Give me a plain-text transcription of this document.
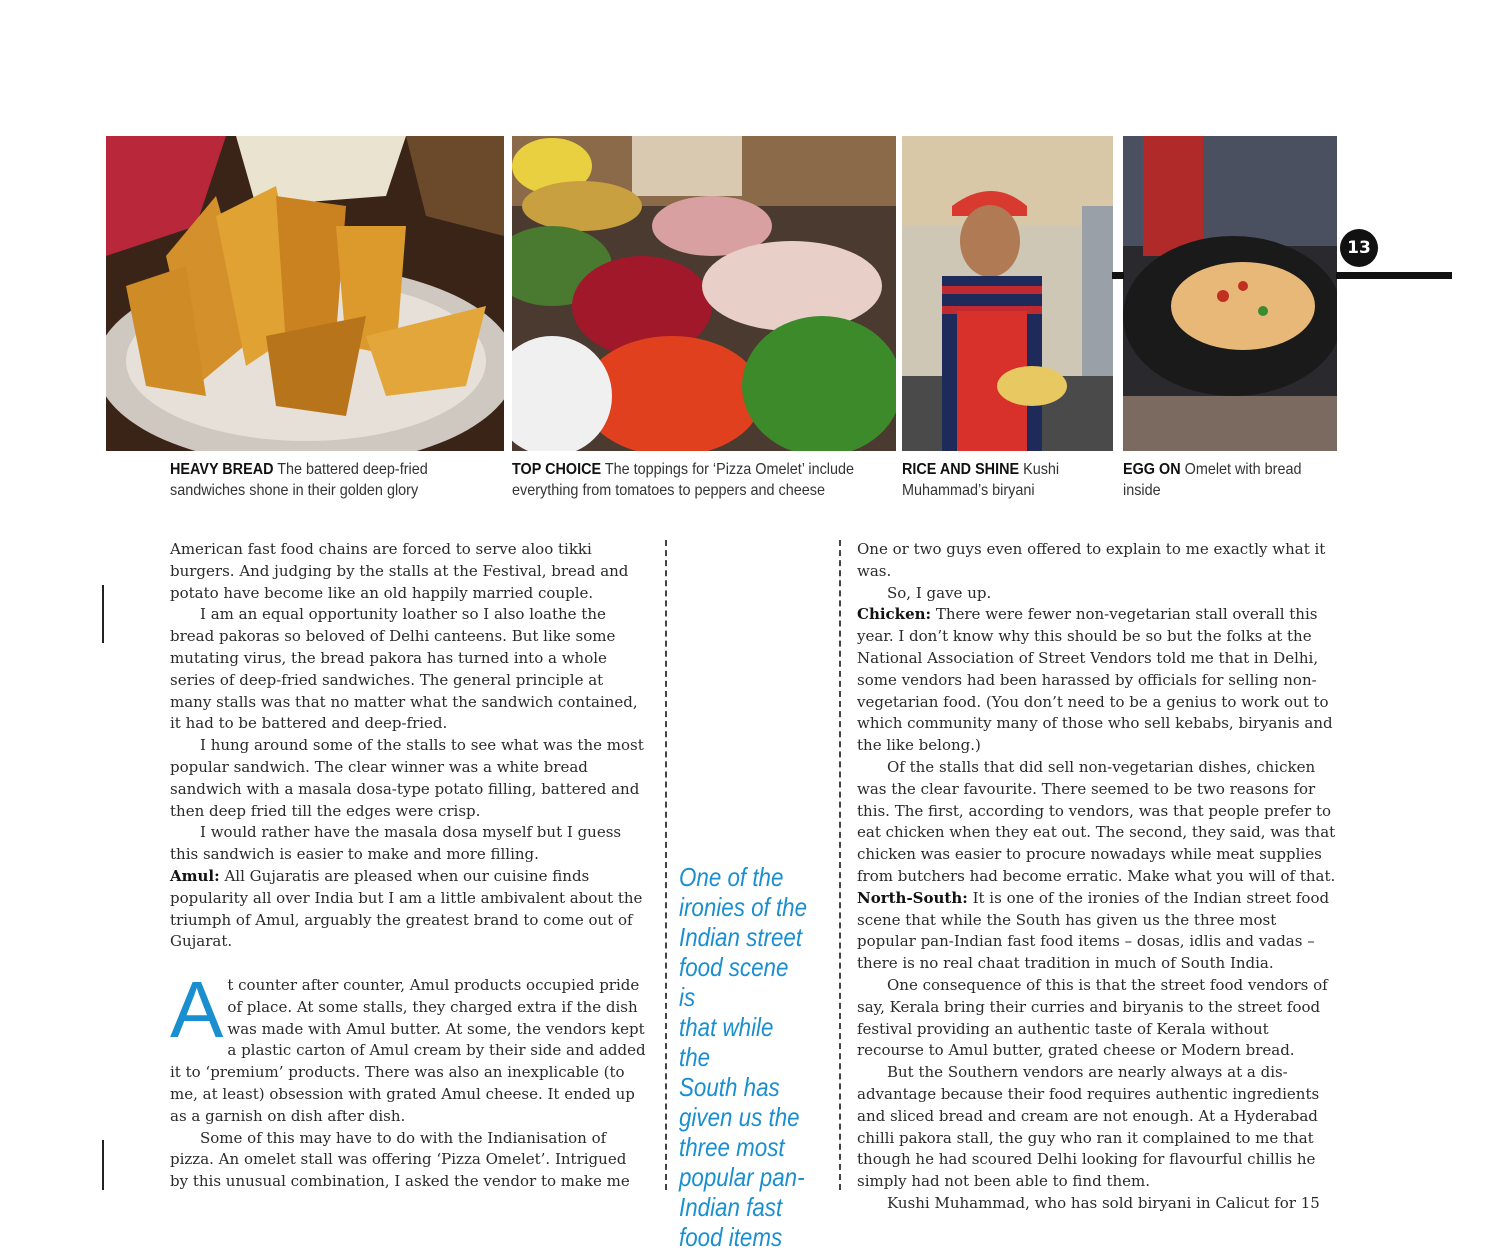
13
HEAVY BREAD The battered deep-fried sandwiches shone in their golden glory
TOP CHOICE The toppings for ‘Pizza Omelet’ include everything from tomatoes to peppers and cheese
RICE AND SHINE Kushi Muhammad’s biryani
EGG ON Omelet with bread inside

American fast food chains are forced to serve aloo tikki burgers. And judging by the stalls at the Festival, bread and potato have become like an old happily married couple.

I am an equal opportunity loather so I also loathe the bread pakoras so beloved of Delhi canteens. But like some mutating virus, the bread pakora has turned into a whole series of deep-fried sandwiches. The general principle at many stalls was that no matter what the sandwich contained, it had to be battered and deep-fried.

I hung around some of the stalls to see what was the most popular sandwich. The clear winner was a white bread sandwich with a masala dosa-type potato filling, battered and then deep fried till the edges were crisp.

I would rather have the masala dosa myself but I guess this sandwich is easier to make and more filling.

Amul: All Gujaratis are pleased when our cuisine finds popularity all over India but I am a little ambivalent about the triumph of Amul, arguably the greatest brand to come out of Gujarat.

At counter after counter, Amul products occupied pride of place. At some stalls, they charged extra if the dish was made with Amul butter. At some, the vendors kept a plastic carton of Amul cream by their side and added it to ‘premium’ products. There was also an inexplicable (to me, at least) obsession with grated Amul cheese. It ended up as a garnish on dish after dish.

Some of this may have to do with the Indianisation of pizza. An omelet stall was offering ‘Pizza Omelet’. Intrigued by this unusual combination, I asked the vendor to make me

One of the
ironies of the
Indian street
food scene is
that while the
South has
given us the
three most
popular pan-
Indian fast
food items

One or two guys even offered to explain to me exactly what it was.

So, I gave up.

Chicken: There were fewer non-vegetarian stall overall this year. I don’t know why this should be so but the folks at the National Association of Street Vendors told me that in Delhi, some vendors had been harassed by officials for selling non-vegetarian food. (You don’t need to be a genius to work out to which community many of those who sell kebabs, biryanis and the like belong.)

Of the stalls that did sell non-vegetarian dishes, chicken was the clear favourite. There seemed to be two reasons for this. The first, according to vendors, was that people prefer to eat chicken when they eat out. The second, they said, was that chicken was easier to procure nowadays while meat supplies from butchers had become erratic. Make what you will of that.

North-South: It is one of the ironies of the Indian street food scene that while the South has given us the three most popular pan-Indian fast food items – dosas, idlis and vadas – there is no real chaat tradition in much of South India.

One consequence of this is that the street food vendors of say, Kerala bring their curries and biryanis to the street food festival providing an authentic taste of Kerala without recourse to Amul butter, grated cheese or Modern bread.

But the Southern vendors are nearly always at a dis-advantage because their food requires authentic ingredients and sliced bread and cream are not enough. At a Hyderabad chilli pakora stall, the guy who ran it complained to me that though he had scoured Delhi looking for flavourful chillis he simply had not been able to find them.

Kushi Muhammad, who has sold biryani in Calicut for 15
